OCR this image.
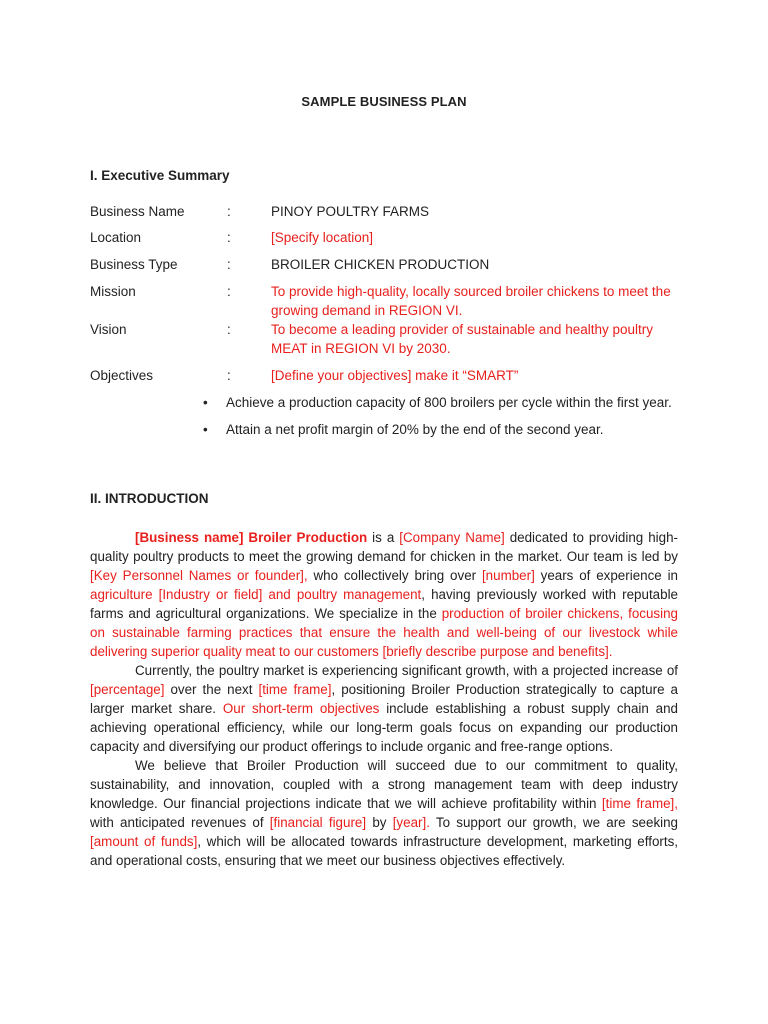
SAMPLE BUSINESS PLAN
I. Executive Summary
Business Name	:	PINOY POULTRY FARMS
Location	:	[Specify location]
Business Type	:	BROILER CHICKEN PRODUCTION
Mission	:	To provide high-quality, locally sourced broiler chickens to meet the growing demand in REGION VI.
Vision	:	To become a leading provider of sustainable and healthy poultry MEAT in REGION VI by 2030.
Objectives	:	[Define your objectives] make it “SMART”
• Achieve a production capacity of 800 broilers per cycle within the first year.
• Attain a net profit margin of 20% by the end of the second year.
II. INTRODUCTION

[Business name] Broiler Production is a [Company Name] dedicated to providing high-quality poultry products to meet the growing demand for chicken in the market. Our team is led by [Key Personnel Names or founder], who collectively bring over [number] years of experience in agriculture [Industry or field] and poultry management, having previously worked with reputable farms and agricultural organizations. We specialize in the production of broiler chickens, focusing on sustainable farming practices that ensure the health and well-being of our livestock while delivering superior quality meat to our customers [briefly describe purpose and benefits].

Currently, the poultry market is experiencing significant growth, with a projected increase of [percentage] over the next [time frame], positioning Broiler Production strategically to capture a larger market share. Our short-term objectives include establishing a robust supply chain and achieving operational efficiency, while our long-term goals focus on expanding our production capacity and diversifying our product offerings to include organic and free-range options.

We believe that Broiler Production will succeed due to our commitment to quality, sustainability, and innovation, coupled with a strong management team with deep industry knowledge. Our financial projections indicate that we will achieve profitability within [time frame], with anticipated revenues of [financial figure] by [year]. To support our growth, we are seeking [amount of funds], which will be allocated towards infrastructure development, marketing efforts, and operational costs, ensuring that we meet our business objectives effectively.
